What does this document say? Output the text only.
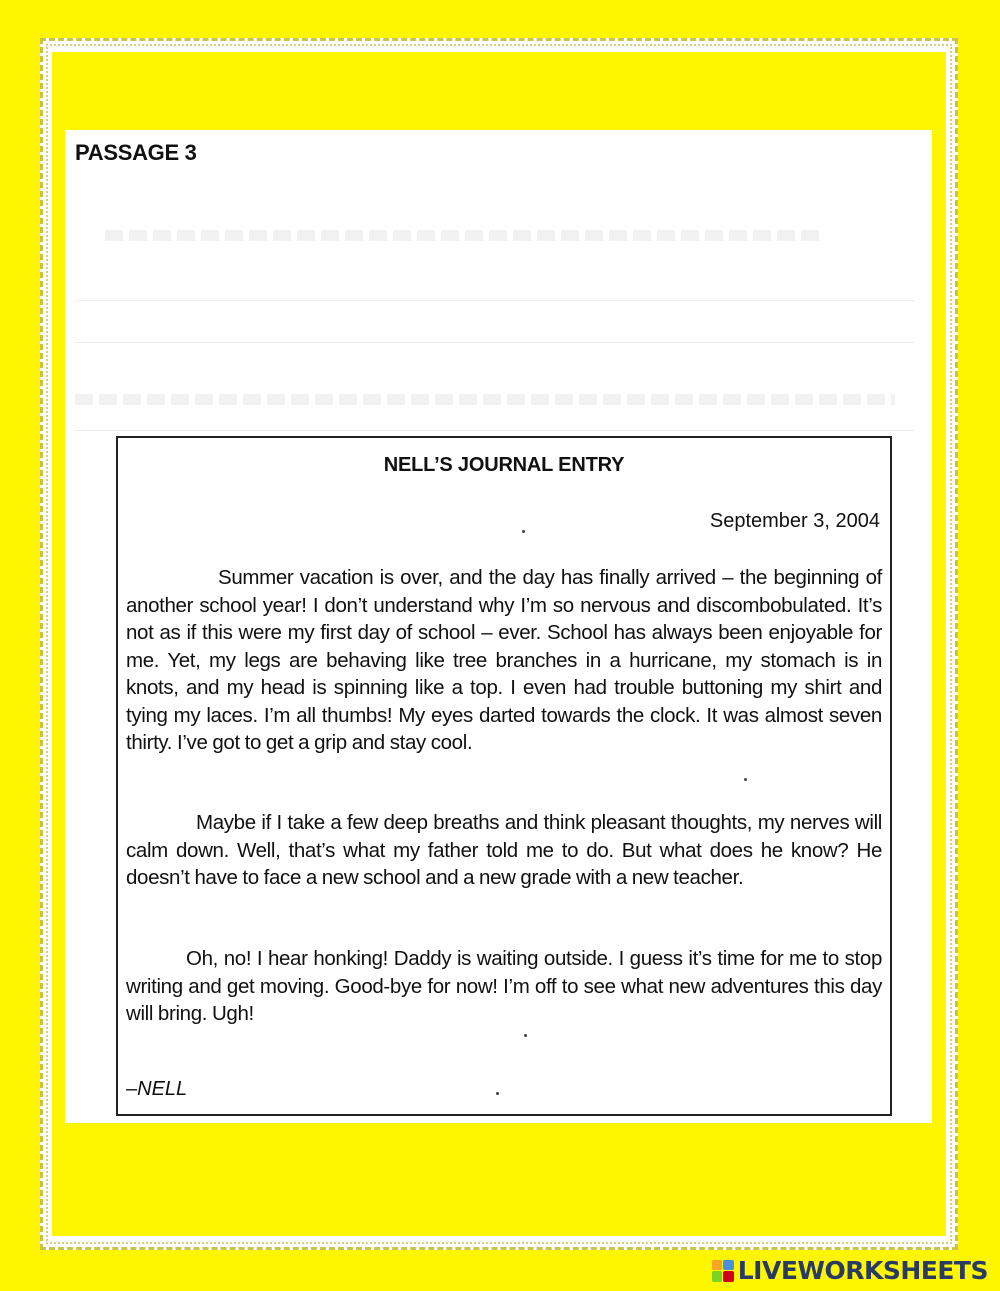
PASSAGE 3
NELL’S JOURNAL ENTRY
September 3, 2004
Summer vacation is over, and the day has finally arrived – the beginning of another school year! I don’t understand why I’m so nervous and discombobulated. It’s not as if this were my first day of school – ever. School has always been enjoyable for me. Yet, my legs are behaving like tree branches in a hurricane, my stomach is in knots, and my head is spinning like a top. I even had trouble buttoning my shirt and tying my laces. I’m all thumbs! My eyes darted towards the clock. It was almost seven thirty. I’ve got to get a grip and stay cool.
Maybe if I take a few deep breaths and think pleasant thoughts, my nerves will calm down. Well, that’s what my father told me to do. But what does he know? He doesn’t have to face a new school and a new grade with a new teacher.
Oh, no! I hear honking! Daddy is waiting outside. I guess it’s time for me to stop writing and get moving. Good-bye for now! I’m off to see what new adventures this day will bring. Ugh!
–NELL
LIVEWORKSHEETS
